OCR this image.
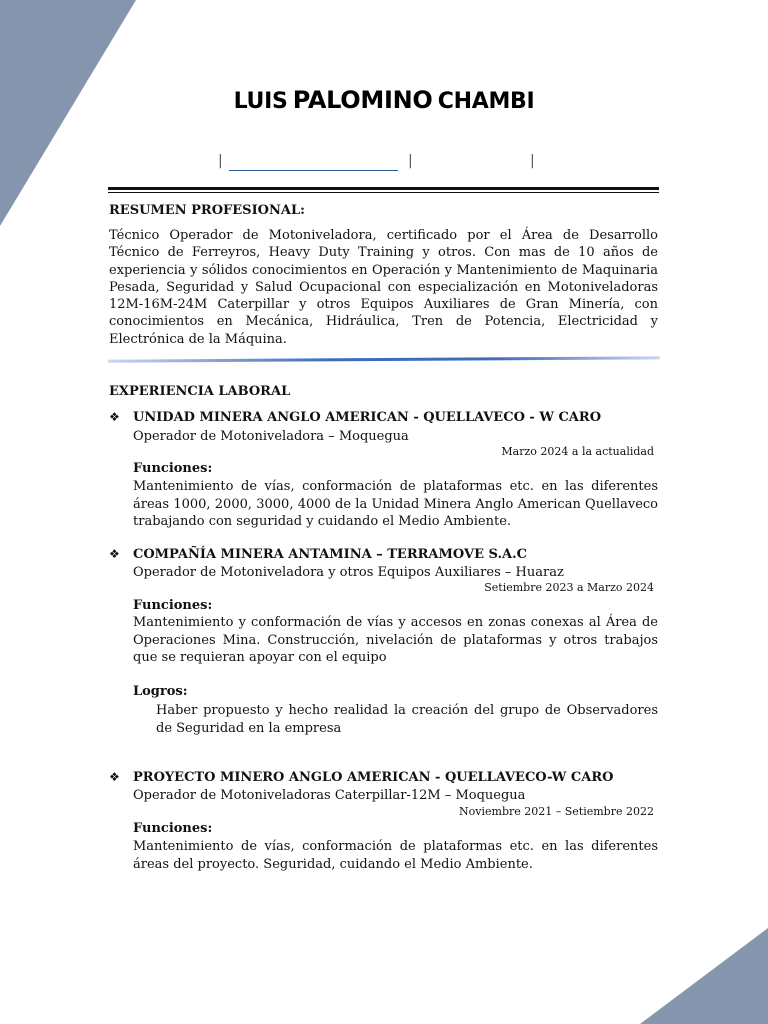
LUIS PALOMINO CHAMBI
|	|	|
RESUMEN PROFESIONAL:
Técnico Operador de Motoniveladora, certificado por el Área de Desarrollo Técnico de Ferreyros, Heavy Duty Training y otros. Con mas de 10 años de experiencia y sólidos conocimientos en Operación y Mantenimiento de Maquinaria Pesada, Seguridad y Salud Ocupacional con especialización en Motoniveladoras 12M-16M-24M Caterpillar y otros Equipos Auxiliares de Gran Minería, con conocimientos en Mecánica, Hidráulica, Tren de Potencia, Electricidad y Electrónica de la Máquina.
EXPERIENCIA LABORAL
❖ UNIDAD MINERA ANGLO AMERICAN - QUELLAVECO - W CARO
Operador de Motoniveladora – Moquegua
Marzo 2024 a la actualidad
Funciones:
Mantenimiento de vías, conformación de plataformas etc. en las diferentes áreas 1000, 2000, 3000, 4000 de la Unidad Minera Anglo American Quellaveco trabajando con seguridad y cuidando el Medio Ambiente.
❖ COMPAÑÍA MINERA ANTAMINA – TERRAMOVE S.A.C
Operador de Motoniveladora y otros Equipos Auxiliares – Huaraz
Setiembre 2023 a Marzo 2024
Funciones:
Mantenimiento y conformación de vías y accesos en zonas conexas al Área de Operaciones Mina. Construcción, nivelación de plataformas y otros trabajos que se requieran apoyar con el equipo
Logros:
Haber propuesto y hecho realidad la creación del grupo de Observadores de Seguridad en la empresa
❖ PROYECTO MINERO ANGLO AMERICAN - QUELLAVECO-W CARO
Operador de Motoniveladoras Caterpillar-12M – Moquegua
Noviembre 2021 – Setiembre 2022
Funciones:
Mantenimiento de vías, conformación de plataformas etc. en las diferentes áreas del proyecto. Seguridad, cuidando el Medio Ambiente.
